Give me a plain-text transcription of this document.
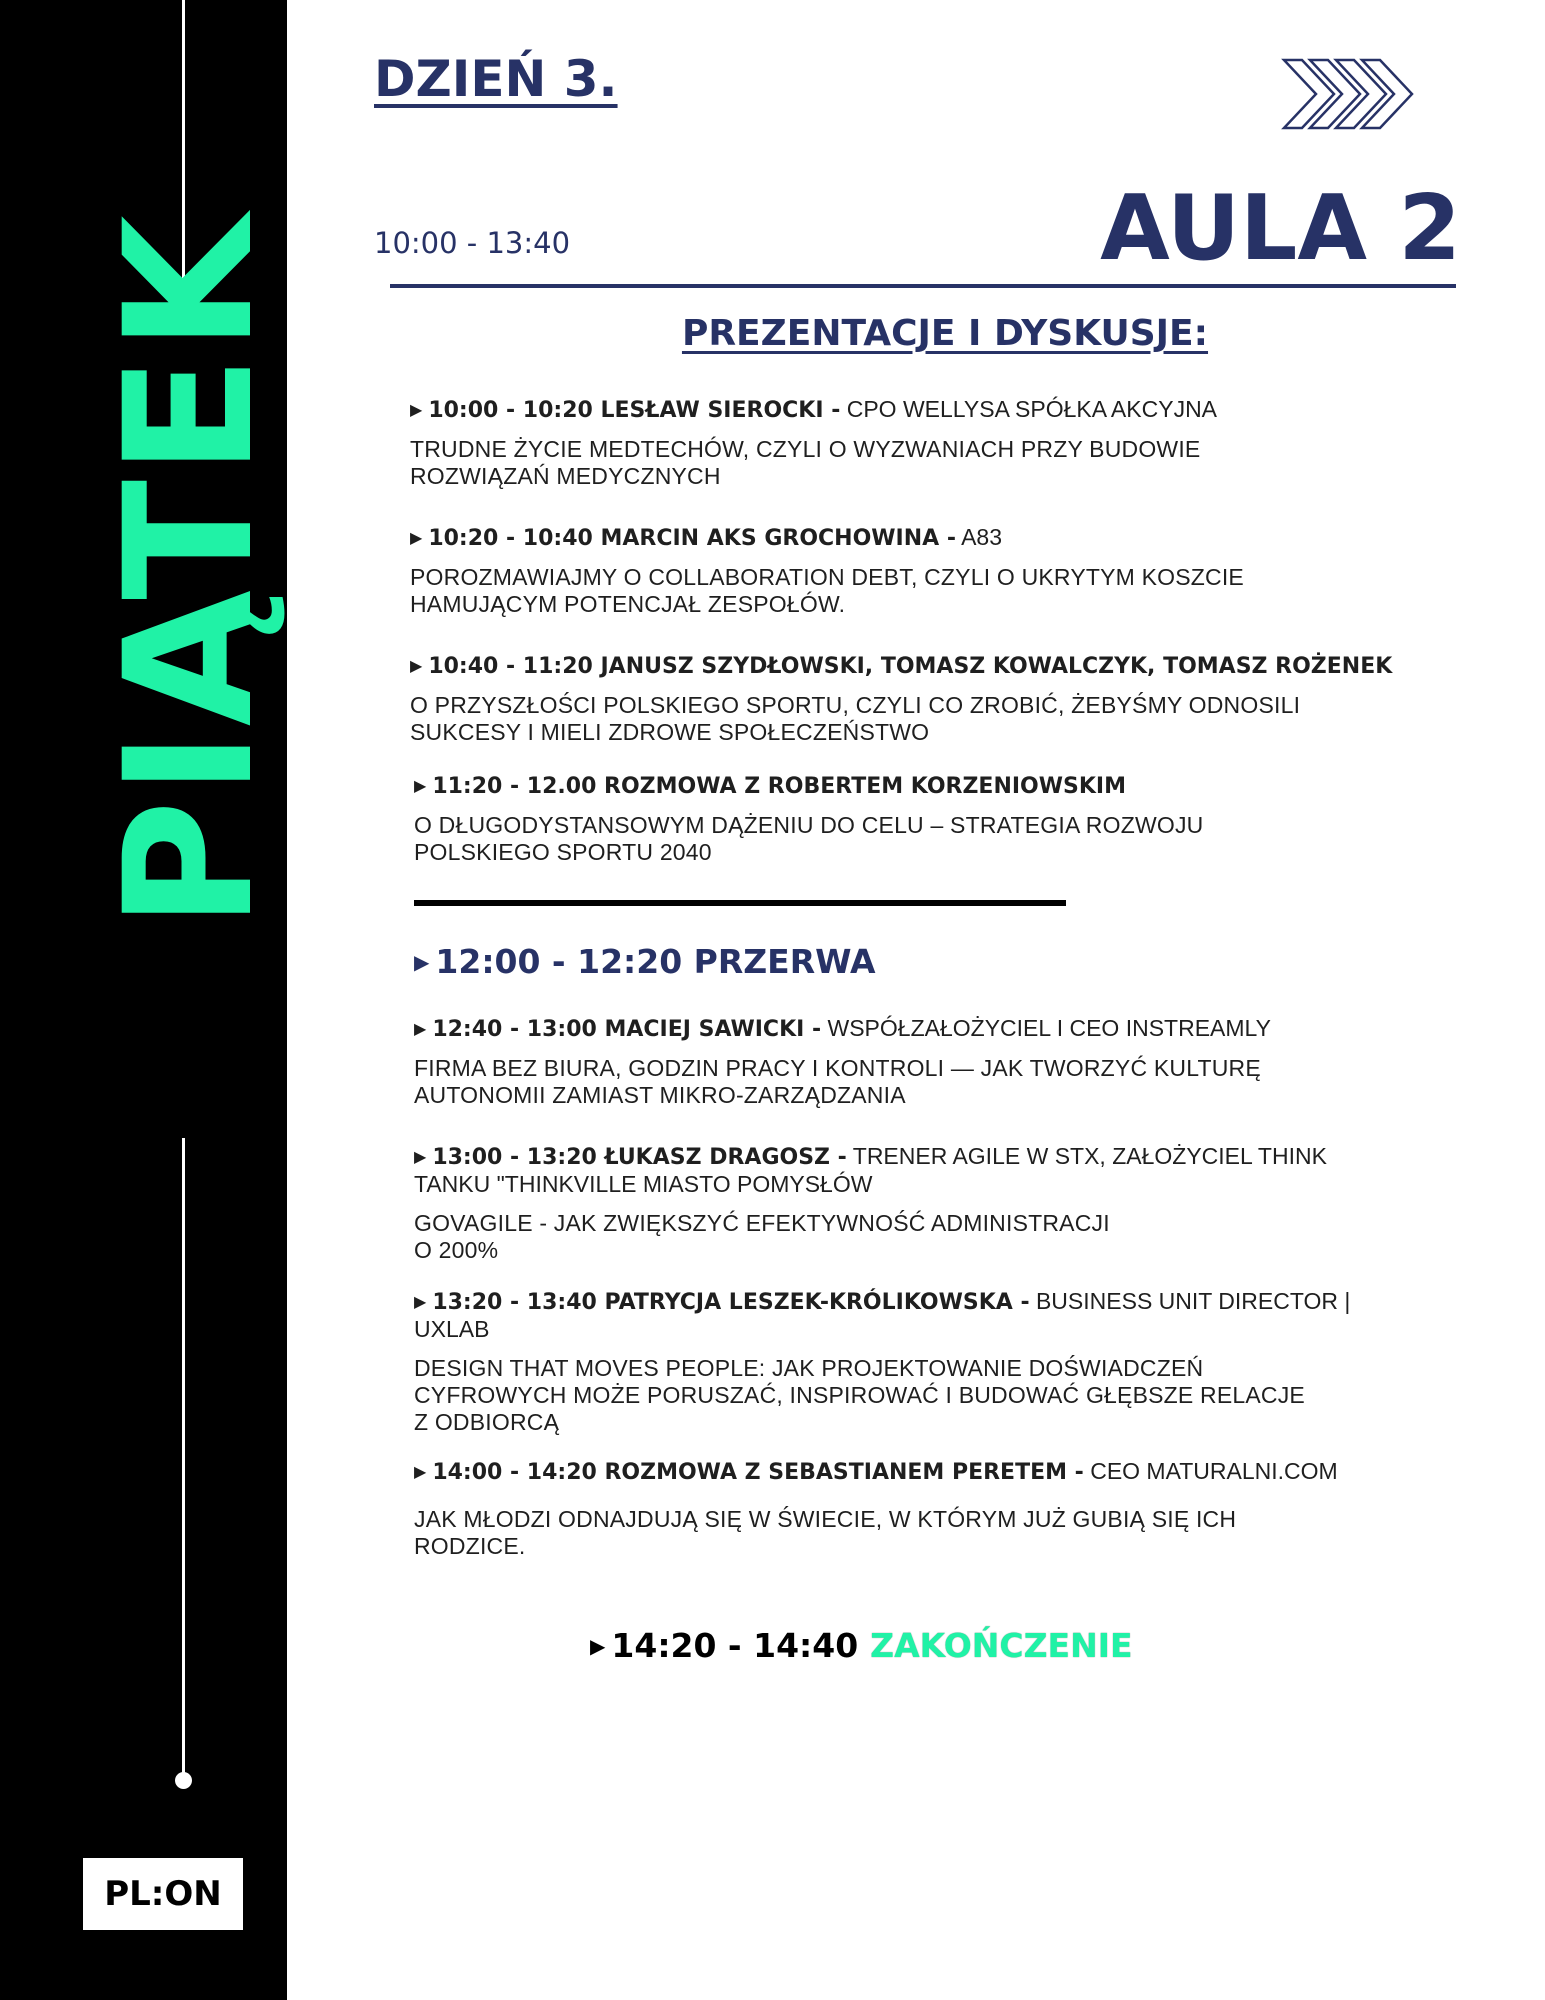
PIĄTEK
PL:ON
DZIEŃ 3.
10:00 - 13:40	AULA 2
PREZENTACJE I DYSKUSJE:
▶ 10:00 - 10:20 LESŁAW SIEROCKI - CPO WELLYSA SPÓŁKA AKCYJNA
TRUDNE ŻYCIE MEDTECHÓW, CZYLI O WYZWANIACH PRZY BUDOWIE
ROZWIĄZAŃ MEDYCZNYCH
▶ 10:20 - 10:40 MARCIN AKS GROCHOWINA - A83
POROZMAWIAJMY O COLLABORATION DEBT, CZYLI O UKRYTYM KOSZCIE
HAMUJĄCYM POTENCJAŁ ZESPOŁÓW.
▶ 10:40 - 11:20 JANUSZ SZYDŁOWSKI, TOMASZ KOWALCZYK, TOMASZ ROŻENEK
O PRZYSZŁOŚCI POLSKIEGO SPORTU, CZYLI CO ZROBIĆ, ŻEBYŚMY ODNOSILI
SUKCESY I MIELI ZDROWE SPOŁECZEŃSTWO
▶ 11:20 - 12.00 ROZMOWA Z ROBERTEM KORZENIOWSKIM
O DŁUGODYSTANSOWYM DĄŻENIU DO CELU – STRATEGIA ROZWOJU
POLSKIEGO SPORTU 2040
▶ 12:00 - 12:20 PRZERWA
▶ 12:40 - 13:00 MACIEJ SAWICKI - WSPÓŁZAŁOŻYCIEL I CEO INSTREAMLY
FIRMA BEZ BIURA, GODZIN PRACY I KONTROLI — JAK TWORZYĆ KULTURĘ
AUTONOMII ZAMIAST MIKRO-ZARZĄDZANIA
▶ 13:00 - 13:20 ŁUKASZ DRAGOSZ - TRENER AGILE W STX, ZAŁOŻYCIEL THINK
TANKU "THINKVILLE MIASTO POMYSŁÓW
GOVAGILE - JAK ZWIĘKSZYĆ EFEKTYWNOŚĆ ADMINISTRACJI
O 200%
▶ 13:20 - 13:40 PATRYCJA LESZEK-KRÓLIKOWSKA - BUSINESS UNIT DIRECTOR |
UXLAB
DESIGN THAT MOVES PEOPLE: JAK PROJEKTOWANIE DOŚWIADCZEŃ
CYFROWYCH MOŻE PORUSZAĆ, INSPIROWAĆ I BUDOWAĆ GŁĘBSZE RELACJE
Z ODBIORCĄ
▶ 14:00 - 14:20 ROZMOWA Z SEBASTIANEM PERETEM - CEO MATURALNI.COM
JAK MŁODZI ODNAJDUJĄ SIĘ W ŚWIECIE, W KTÓRYM JUŻ GUBIĄ SIĘ ICH
RODZICE.
▶ 14:20 - 14:40 ZAKOŃCZENIE
